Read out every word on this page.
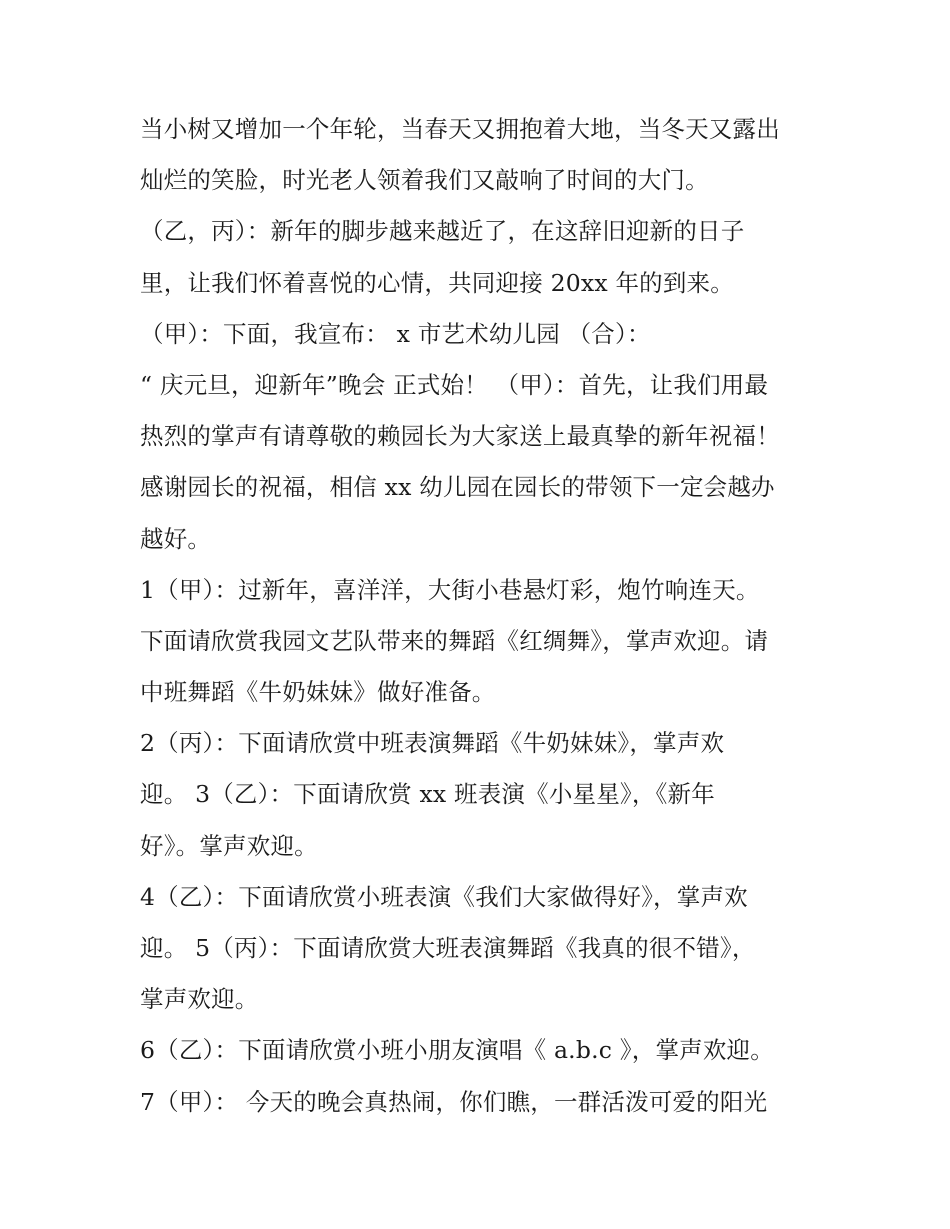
当小树又增加一个年轮，当春天又拥抱着大地，当冬天又露出
灿烂的笑脸，时光老人领着我们又敲响了时间的大门。
（乙，丙）：新年的脚步越来越近了，在这辞旧迎新的日子
里，让我们怀着喜悦的心情，共同迎接 20xx 年的到来。
（甲）：下面，我宣布： x 市艺术幼儿园 （合）：
“ 庆元旦，迎新年”晚会 正式始！ （甲）：首先，让我们用最
热烈的掌声有请尊敬的赖园长为大家送上最真挚的新年祝福！
感谢园长的祝福，相信 xx 幼儿园在园长的带领下一定会越办
越好。
1（甲）：过新年，喜洋洋，大街小巷悬灯彩，炮竹响连天。
下面请欣赏我园文艺队带来的舞蹈《红绸舞》，掌声欢迎。请
中班舞蹈《牛奶妹妹》做好准备。
2（丙）：下面请欣赏中班表演舞蹈《牛奶妹妹》，掌声欢
迎。 3（乙）：下面请欣赏 xx 班表演《小星星》，《新年
好》。掌声欢迎。
4（乙）：下面请欣赏小班表演《我们大家做得好》，掌声欢
迎。 5（丙）：下面请欣赏大班表演舞蹈《我真的很不错》，
掌声欢迎。
6（乙）：下面请欣赏小班小朋友演唱《 a.b.c 》，掌声欢迎。
7（甲）： 今天的晚会真热闹，你们瞧，一群活泼可爱的阳光
